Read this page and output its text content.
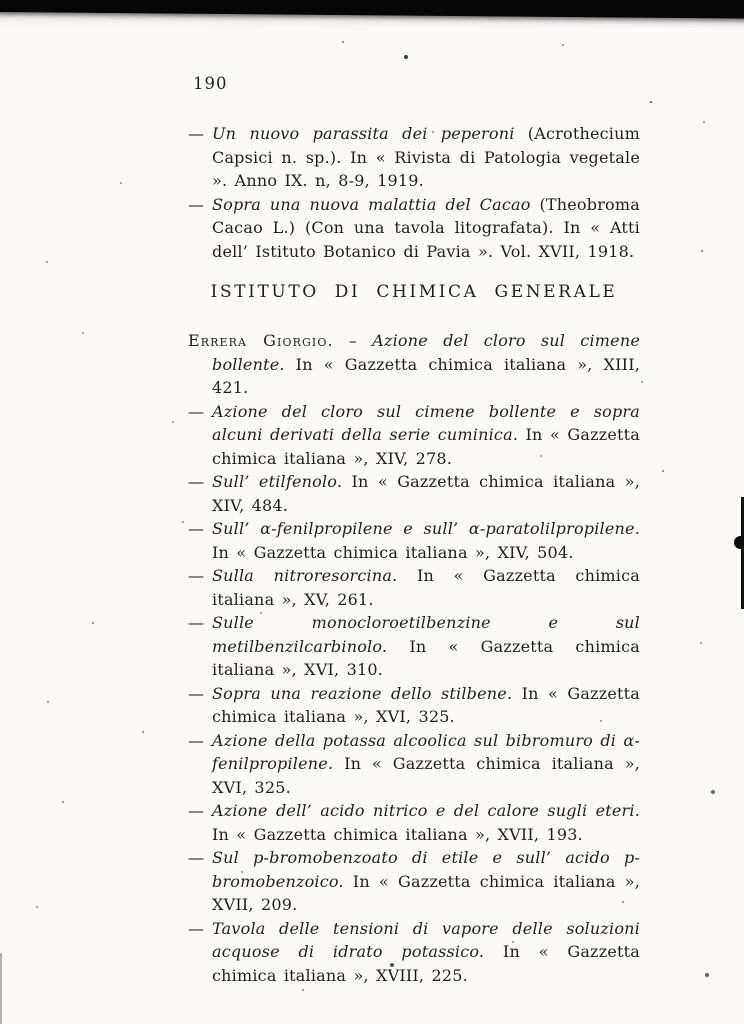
190

— Un nuovo parassita dei peperoni (Acrothecium Capsici n. sp.). In « Rivista di Patologia vegetale ». Anno IX. n, 8-9, 1919.

— Sopra una nuova malattia del Cacao (Theobroma Cacao L.) (Con una tavola litografata). In « Atti dell’ Istituto Botanico di Pavia ». Vol. XVII, 1918.

ISTITUTO DI CHIMICA GENERALE

Errera Giorgio. – Azione del cloro sul cimene bollente. In « Gazzetta chimica italiana », XIII, 421.

— Azione del cloro sul cimene bollente e sopra alcuni derivati della serie cuminica. In « Gazzetta chimica italiana », XIV, 278.

— Sull’ etilfenolo. In « Gazzetta chimica italiana », XIV, 484.

— Sull’ α-fenilpropilene e sull’ α-paratolilpropilene. In « Gazzetta chimica italiana », XIV, 504.

— Sulla nitroresorcina. In « Gazzetta chimica italiana », XV, 261.

— Sulle monocloroetilbenzine e sul metilbenzilcarbinolo. In « Gazzetta chimica italiana », XVI, 310.

— Sopra una reazione dello stilbene. In « Gazzetta chimica italiana », XVI, 325.

— Azione della potassa alcoolica sul bibromuro di α-fenilpropilene. In « Gazzetta chimica italiana », XVI, 325.

— Azione dell’ acido nitrico e del calore sugli eteri. In « Gazzetta chimica italiana », XVII, 193.

— Sul p-bromobenzoato di etile e sull’ acido p-bromobenzoico. In « Gazzetta chimica italiana », XVII, 209.

— Tavola delle tensioni di vapore delle soluzioni acquose di idrato potassico. In « Gazzetta chimica italiana », XVIII, 225.
